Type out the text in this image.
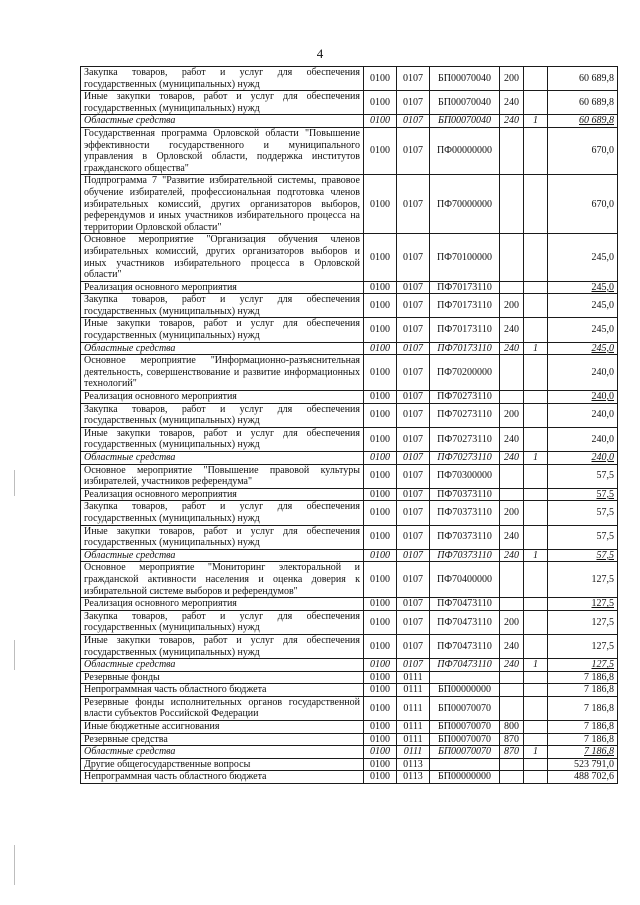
4
Закупка товаров, работ и услуг для обеспечения государственных (муниципальных) нужд	0100	0107	БП00070040	200		60 689,8
Иные закупки товаров, работ и услуг для обеспечения государственных (муниципальных) нужд	0100	0107	БП00070040	240		60 689,8
Областные средства	0100	0107	БП00070040	240	1	60 689,8
Государственная программа Орловской области "Повышение эффективности государственного и муниципального управления в Орловской области, поддержка институтов гражданского общества"	0100	0107	ПФ00000000			670,0
Подпрограмма 7 "Развитие избирательной системы, правовое обучение избирателей, профессиональная подготовка членов избирательных комиссий, других организаторов выборов, референдумов и иных участников избирательного процесса на территории Орловской области"	0100	0107	ПФ70000000			670,0
Основное мероприятие "Организация обучения членов избирательных комиссий, других организаторов выборов и иных участников избирательного процесса в Орловской области"	0100	0107	ПФ70100000			245,0
Реализация основного мероприятия	0100	0107	ПФ70173110			245,0
Закупка товаров, работ и услуг для обеспечения государственных (муниципальных) нужд	0100	0107	ПФ70173110	200		245,0
Иные закупки товаров, работ и услуг для обеспечения государственных (муниципальных) нужд	0100	0107	ПФ70173110	240		245,0
Областные средства	0100	0107	ПФ70173110	240	1	245,0
Основное мероприятие "Информационно-разъяснительная деятельность, совершенствование и развитие информационных технологий"	0100	0107	ПФ70200000			240,0
Реализация основного мероприятия	0100	0107	ПФ70273110			240,0
Закупка товаров, работ и услуг для обеспечения государственных (муниципальных) нужд	0100	0107	ПФ70273110	200		240,0
Иные закупки товаров, работ и услуг для обеспечения государственных (муниципальных) нужд	0100	0107	ПФ70273110	240		240,0
Областные средства	0100	0107	ПФ70273110	240	1	240,0
Основное мероприятие "Повышение правовой культуры избирателей, участников референдума"	0100	0107	ПФ70300000			57,5
Реализация основного мероприятия	0100	0107	ПФ70373110			57,5
Закупка товаров, работ и услуг для обеспечения государственных (муниципальных) нужд	0100	0107	ПФ70373110	200		57,5
Иные закупки товаров, работ и услуг для обеспечения государственных (муниципальных) нужд	0100	0107	ПФ70373110	240		57,5
Областные средства	0100	0107	ПФ70373110	240	1	57,5
Основное мероприятие "Мониторинг электоральной и гражданской активности населения и оценка доверия к избирательной системе выборов и референдумов"	0100	0107	ПФ70400000			127,5
Реализация основного мероприятия	0100	0107	ПФ70473110			127,5
Закупка товаров, работ и услуг для обеспечения государственных (муниципальных) нужд	0100	0107	ПФ70473110	200		127,5
Иные закупки товаров, работ и услуг для обеспечения государственных (муниципальных) нужд	0100	0107	ПФ70473110	240		127,5
Областные средства	0100	0107	ПФ70473110	240	1	127,5
Резервные фонды	0100	0111				7 186,8
Непрограммная часть областного бюджета	0100	0111	БП00000000			7 186,8
Резервные фонды исполнительных органов государственной власти субъектов Российской Федерации	0100	0111	БП00070070			7 186,8
Иные бюджетные ассигнования	0100	0111	БП00070070	800		7 186,8
Резервные средства	0100	0111	БП00070070	870		7 186,8
Областные средства	0100	0111	БП00070070	870	1	7 186,8
Другие общегосударственные вопросы	0100	0113				523 791,0
Непрограммная часть областного бюджета	0100	0113	БП00000000			488 702,6
